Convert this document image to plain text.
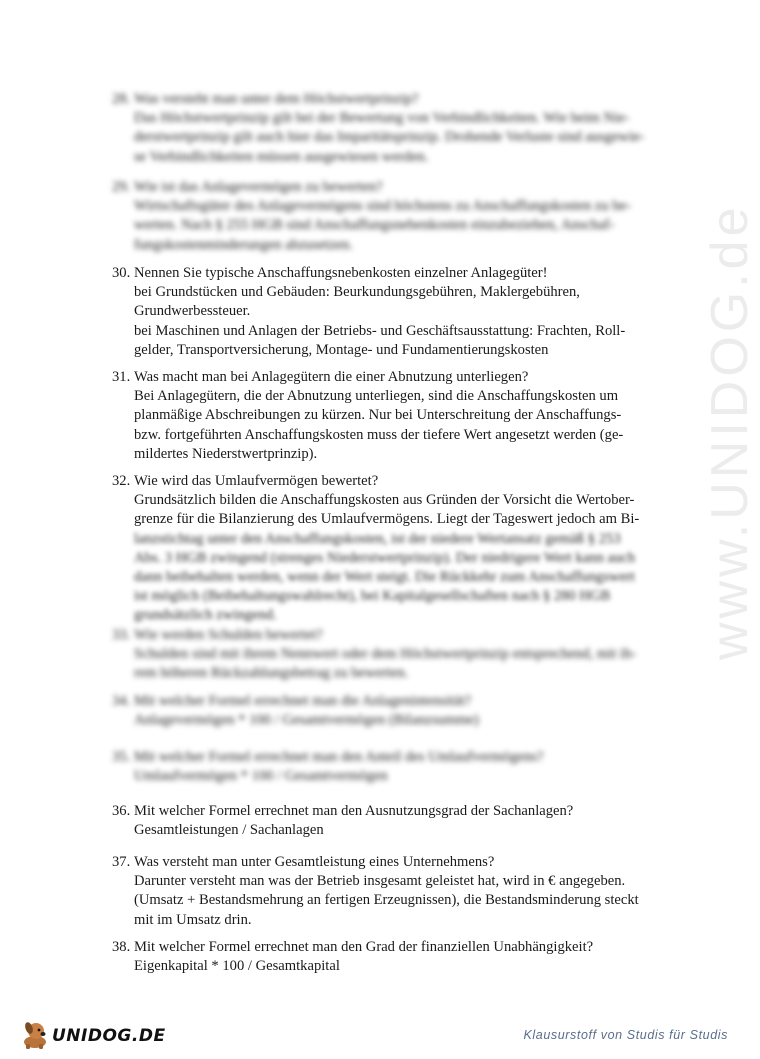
www.UNIDOG.de
28. Was versteht man unter dem Höchstwertprinzip?
Das Höchstwertprinzip gilt bei der Bewertung von Verbindlichkeiten. Wie beim Nie-
derstwertprinzip gilt auch hier das Imparitätsprinzip. Drohende Verluste sind ausgewie-
se Verbindlichkeiten müssen ausgewiesen werden.
29. Wie ist das Anlagevermögen zu bewerten?
Wirtschaftsgüter des Anlagevermögens sind höchstens zu Anschaffungskosten zu be-
werten. Nach § 255 HGB sind Anschaffungsnebenkosten einzubeziehen, Anschaf-
fungskostenminderungen abzusetzen.
30. Nennen Sie typische Anschaffungsnebenkosten einzelner Anlagegüter!
bei Grundstücken und Gebäuden: Beurkundungsgebühren, Maklergebühren,
Grundwerbessteuer.
bei Maschinen und Anlagen der Betriebs- und Geschäftsausstattung: Frachten, Roll-
gelder, Transportversicherung, Montage- und Fundamentierungskosten
31. Was macht man bei Anlagegütern die einer Abnutzung unterliegen?
Bei Anlagegütern, die der Abnutzung unterliegen, sind die Anschaffungskosten um
planmäßige Abschreibungen zu kürzen. Nur bei Unterschreitung der Anschaffungs-
bzw. fortgeführten Anschaffungskosten muss der tiefere Wert angesetzt werden (ge-
mildertes Niederstwertprinzip).
32. Wie wird das Umlaufvermögen bewertet?
Grundsätzlich bilden die Anschaffungskosten aus Gründen der Vorsicht die Wertober-
grenze für die Bilanzierung des Umlaufvermögens. Liegt der Tageswert jedoch am Bi-
lanzstichtag unter den Anschaffungskosten, ist der niedere Wertansatz gemäß § 253
Abs. 3 HGB zwingend (strenges Niederstwertprinzip). Der niedrigere Wert kann auch
dann beibehalten werden, wenn der Wert steigt. Die Rückkehr zum Anschaffungswert
ist möglich (Beibehaltungswahlrecht), bei Kapitalgesellschaften nach § 280 HGB
grundsätzlich zwingend.
33. Wie werden Schulden bewertet?
Schulden sind mit ihrem Nennwert oder dem Höchstwertprinzip entsprechend, mit ih-
rem höheren Rückzahlungsbetrag zu bewerten.
34. Mit welcher Formel errechnet man die Anlagenintensität?
Anlagevermögen * 100 / Gesamtvermögen (Bilanzsumme)
35. Mit welcher Formel errechnet man den Anteil des Umlaufvermögens?
Umlaufvermögen * 100 / Gesamtvermögen
36. Mit welcher Formel errechnet man den Ausnutzungsgrad der Sachanlagen?
Gesamtleistungen / Sachanlagen
37. Was versteht man unter Gesamtleistung eines Unternehmens?
Darunter versteht man was der Betrieb insgesamt geleistet hat, wird in € angegeben.
(Umsatz + Bestandsmehrung an fertigen Erzeugnissen), die Bestandsminderung steckt
mit im Umsatz drin.
38. Mit welcher Formel errechnet man den Grad der finanziellen Unabhängigkeit?
Eigenkapital * 100 / Gesamtkapital
UNIDOG.DE	Klausurstoff von Studis für Studis
